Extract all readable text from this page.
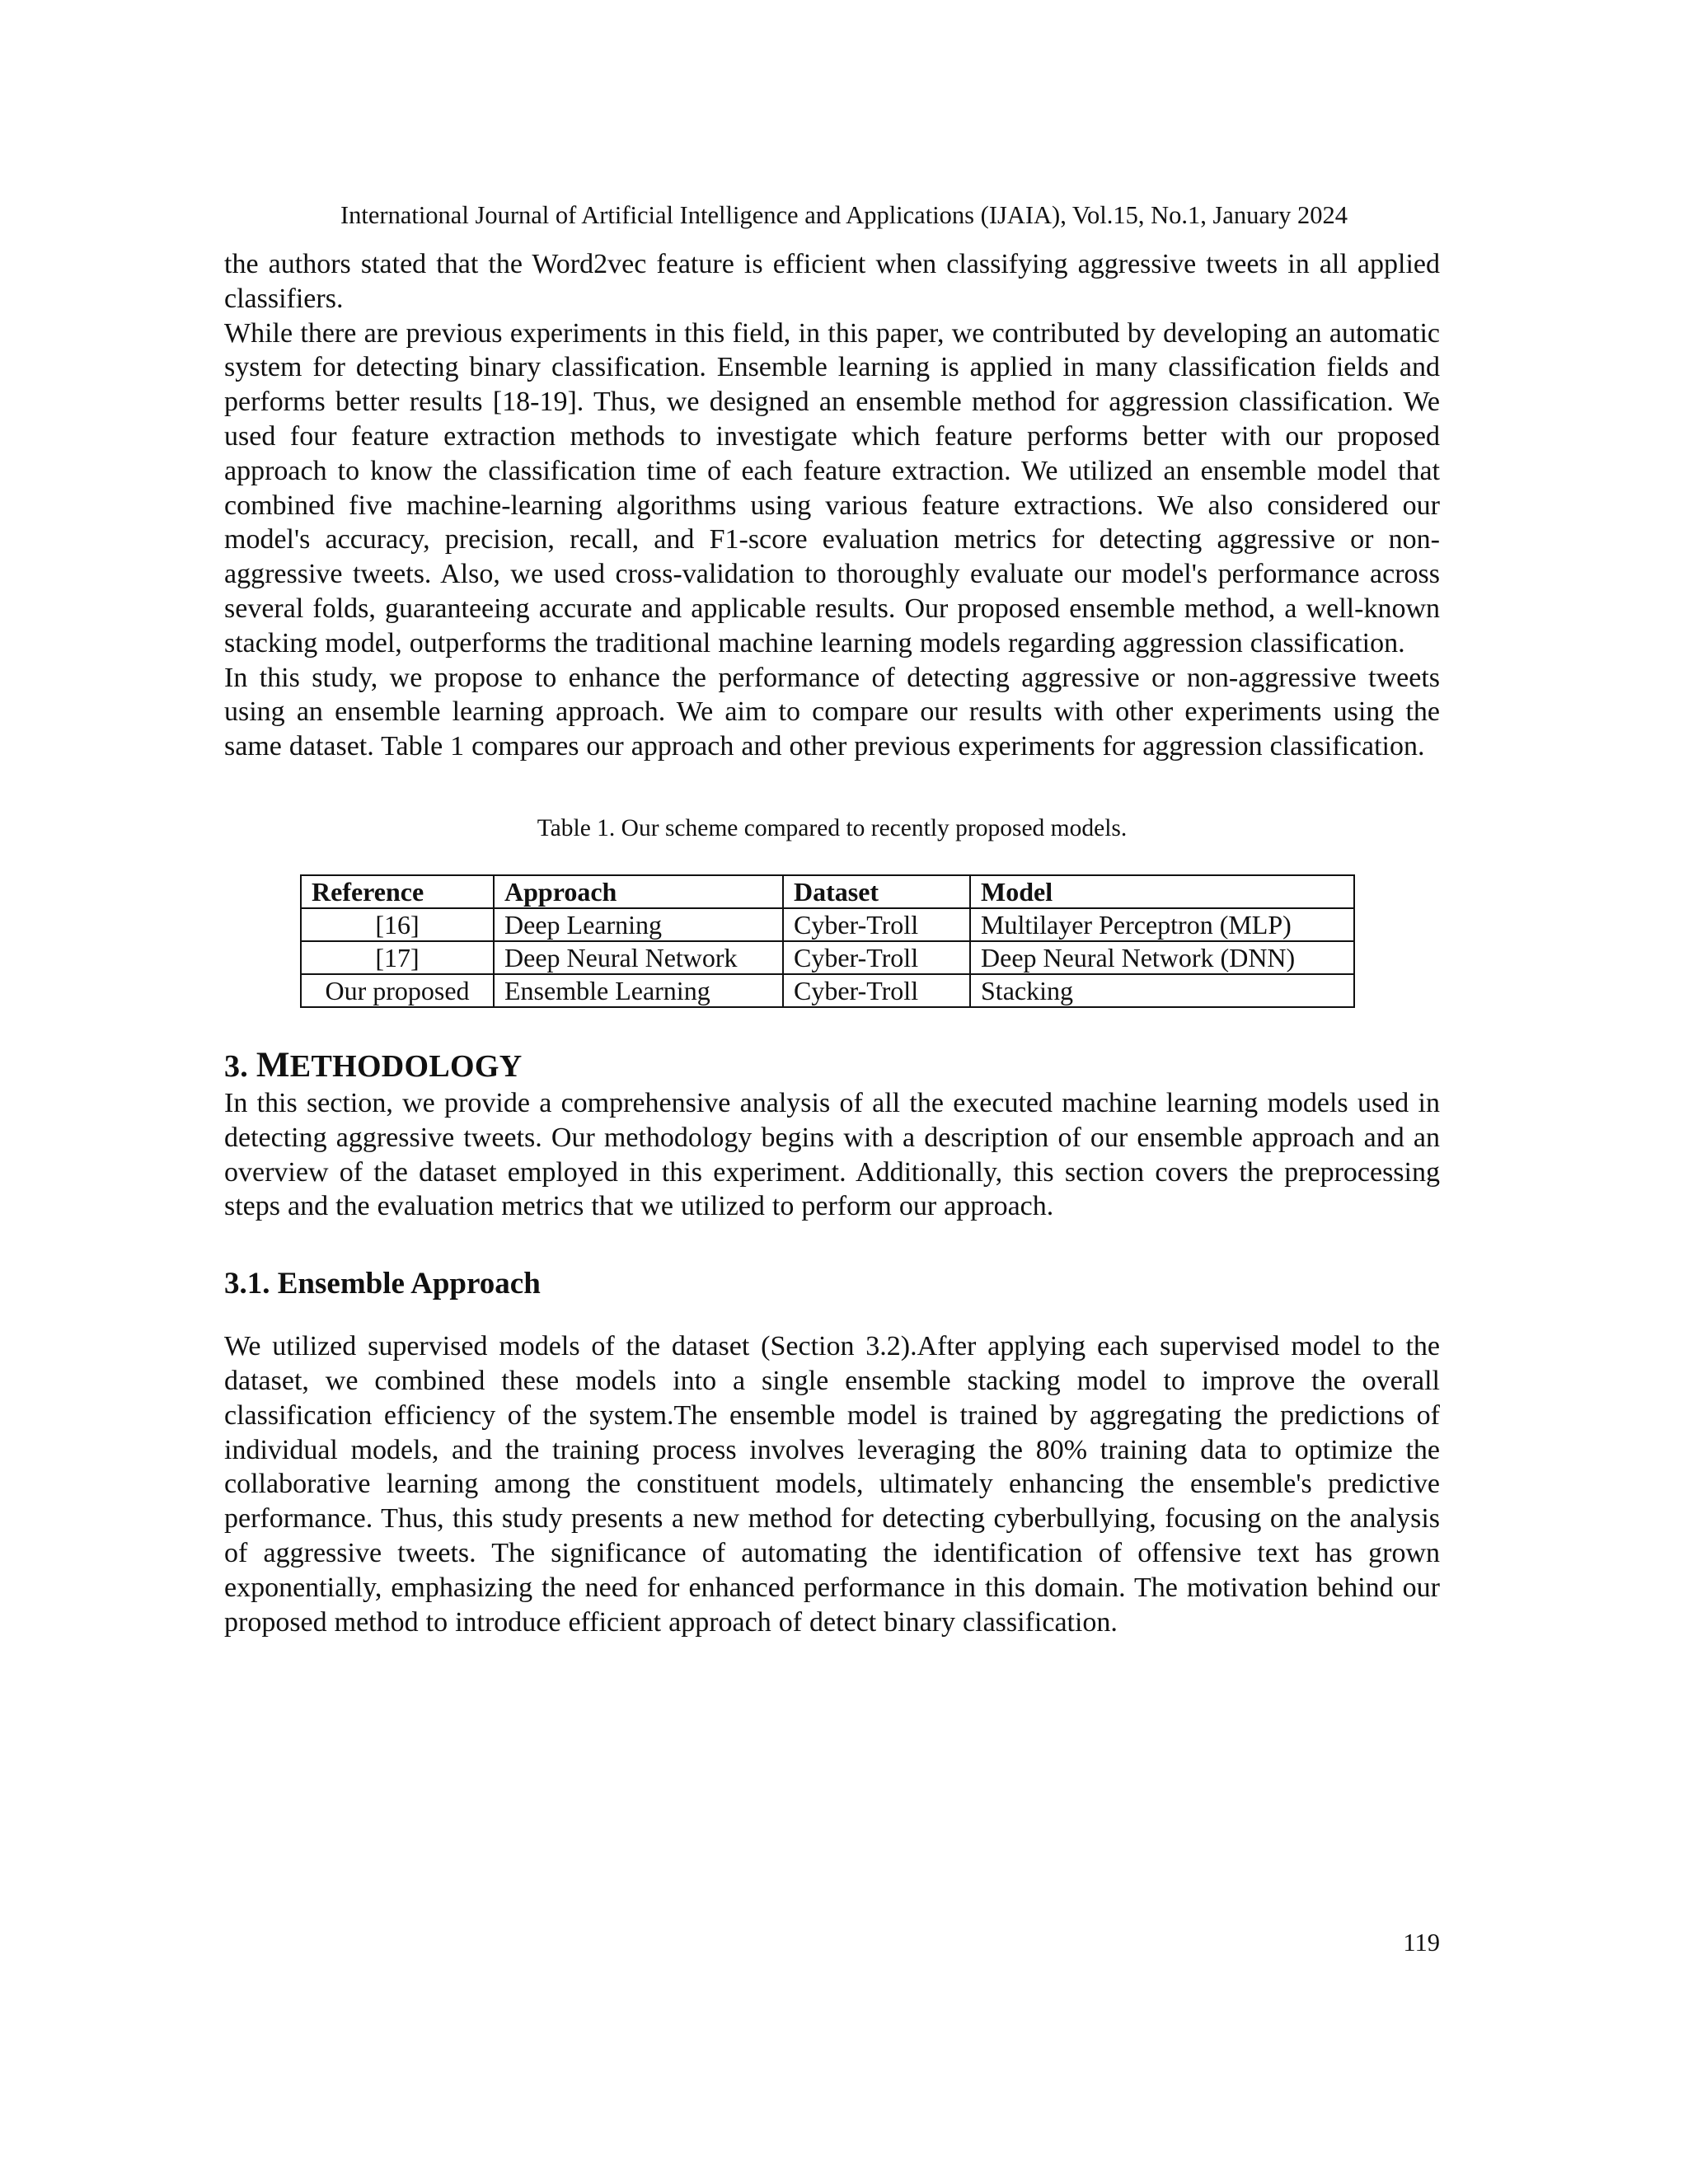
International Journal of Artificial Intelligence and Applications (IJAIA), Vol.15, No.1, January 2024

the authors stated that the Word2vec feature is efficient when classifying aggressive tweets in all applied classifiers.

While there are previous experiments in this field, in this paper, we contributed by developing an automatic system for detecting binary classification. Ensemble learning is applied in many classification fields and performs better results [18-19]. Thus, we designed an ensemble method for aggression classification. We used four feature extraction methods to investigate which feature performs better with our proposed approach to know the classification time of each feature extraction. We utilized an ensemble model that combined five machine-learning algorithms using various feature extractions. We also considered our model's accuracy, precision, recall, and F1-score evaluation metrics for detecting aggressive or non-aggressive tweets. Also, we used cross-validation to thoroughly evaluate our model's performance across several folds, guaranteeing accurate and applicable results. Our proposed ensemble method, a well-known stacking model, outperforms the traditional machine learning models regarding aggression classification.

In this study, we propose to enhance the performance of detecting aggressive or non-aggressive tweets using an ensemble learning approach. We aim to compare our results with other experiments using the same dataset. Table 1 compares our approach and other previous experiments for aggression classification.

Table 1. Our scheme compared to recently proposed models.
Reference	Approach	Dataset	Model
[16]	Deep Learning	Cyber-Troll	Multilayer Perceptron (MLP)
[17]	Deep Neural Network	Cyber-Troll	Deep Neural Network (DNN)
Our proposed	Ensemble Learning	Cyber-Troll	Stacking
3. METHODOLOGY

In this section, we provide a comprehensive analysis of all the executed machine learning models used in detecting aggressive tweets. Our methodology begins with a description of our ensemble approach and an overview of the dataset employed in this experiment. Additionally, this section covers the preprocessing steps and the evaluation metrics that we utilized to perform our approach.

3.1. Ensemble Approach

We utilized supervised models of the dataset (Section 3.2).After applying each supervised model to the dataset, we combined these models into a single ensemble stacking model to improve the overall classification efficiency of the system.The ensemble model is trained by aggregating the predictions of individual models, and the training process involves leveraging the 80% training data to optimize the collaborative learning among the constituent models, ultimately enhancing the ensemble's predictive performance. Thus, this study presents a new method for detecting cyberbullying, focusing on the analysis of aggressive tweets. The significance of automating the identification of offensive text has grown exponentially, emphasizing the need for enhanced performance in this domain. The motivation behind our proposed method to introduce efficient approach of detect binary classification.

119
